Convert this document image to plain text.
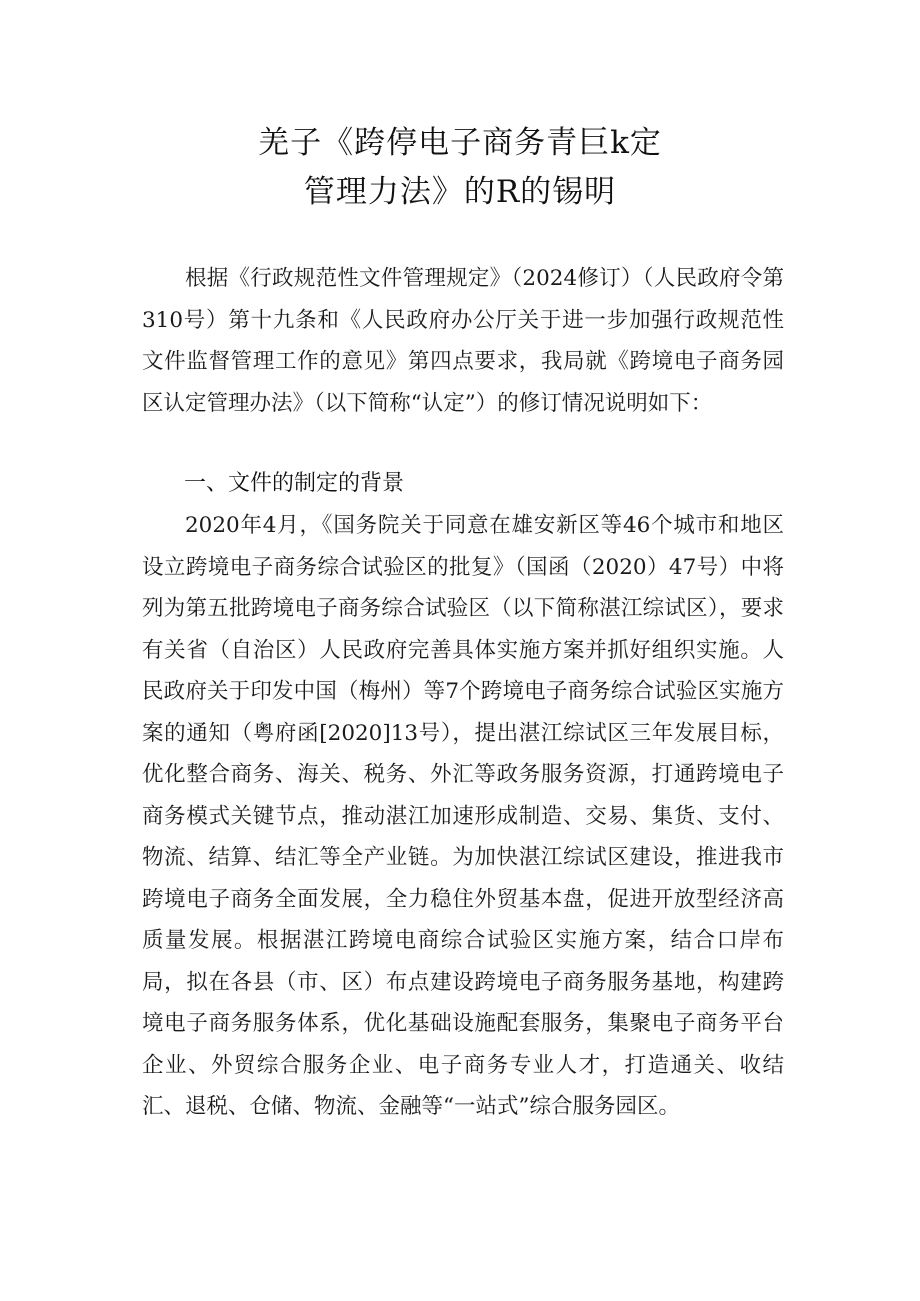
羌子《跨停电子商务青巨k定
管理力法》的R的锡明

根据《行政规范性文件管理规定》（2024修订）（人民政府令第310号）第十九条和《人民政府办公厅关于进一步加强行政规范性文件监督管理工作的意见》第四点要求，我局就《跨境电子商务园区认定管理办法》（以下简称“认定”）的修订情况说明如下：

一、文件的制定的背景

2020年4月，《国务院关于同意在雄安新区等46个城市和地区设立跨境电子商务综合试验区的批复》（国函（2020）47号）中将列为第五批跨境电子商务综合试验区（以下简称湛江综试区），要求有关省（自治区）人民政府完善具体实施方案并抓好组织实施。人民政府关于印发中国（梅州）等7个跨境电子商务综合试验区实施方案的通知（粤府函[2020]13号），提出湛江综试区三年发展目标，优化整合商务、海关、税务、外汇等政务服务资源，打通跨境电子商务模式关键节点，推动湛江加速形成制造、交易、集货、支付、物流、结算、结汇等全产业链。为加快湛江综试区建设，推进我市跨境电子商务全面发展，全力稳住外贸基本盘，促进开放型经济高质量发展。根据湛江跨境电商综合试验区实施方案，结合口岸布局，拟在各县（市、区）布点建设跨境电子商务服务基地，构建跨境电子商务服务体系，优化基础设施配套服务，集聚电子商务平台企业、外贸综合服务企业、电子商务专业人才，打造通关、收结汇、退税、仓储、物流、金融等“一站式”综合服务园区。
